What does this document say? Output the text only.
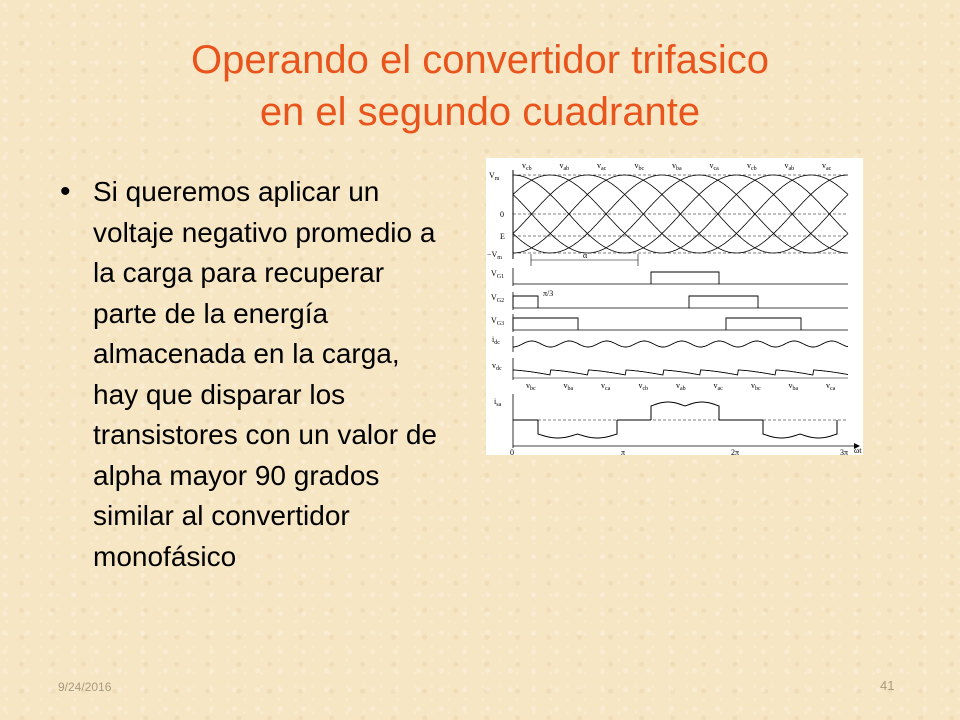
Operando el convertidor trifasico
en el segundo cuadrante
• Si queremos aplicar un voltaje negativo promedio a la carga para recuperar parte de la energía almacenada en la carga, hay que disparar los transistores con un valor de alpha mayor 90 grados similar al convertidor monofásico
$v_{cb}$	$v_{ab}$	$v_{ac}$	$v_{bc}$	$v_{ba}$	$v_{ca}$	$v_{cb}$	$v_{ab}$	$v_{ac}$
$V_m$
0
E
$-V_m$	α
$V_{G1}$
$V_{G2}$
$V_{G3}$
π/3
$i_{dc}$
$v_{dc}$
$v_{bc}$	$v_{ba}$	$v_{ca}$	$v_{cb}$	$v_{ab}$	$v_{ac}$	$v_{bc}$	$v_{ba}$	$v_{ca}$
$i_{sa}$
0	π	2π	3π ωt
9/24/2016	41
